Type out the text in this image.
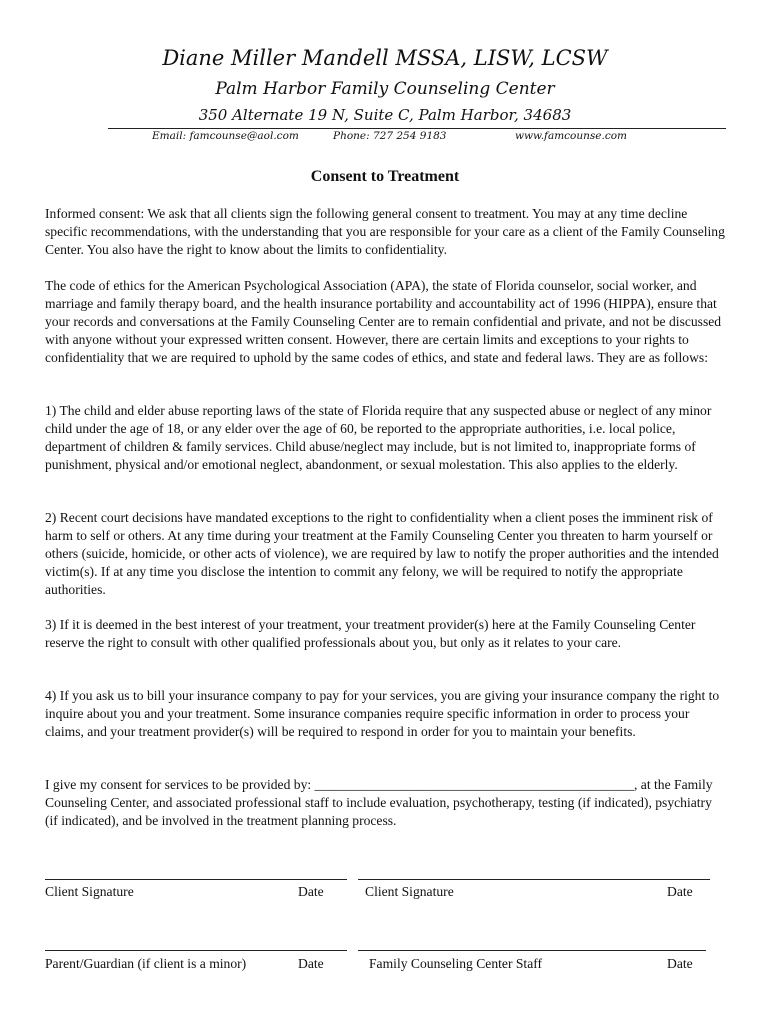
Diane Miller Mandell MSSA, LISW, LCSW
Palm Harbor Family Counseling Center
350 Alternate 19 N, Suite C, Palm Harbor, 34683
Email: famcounse@aol.com	Phone: 727 254 9183	www.famcounse.com
Consent to Treatment

Informed consent: We ask that all clients sign the following general consent to treatment. You may at any time decline specific recommendations, with the understanding that you are responsible for your care as a client of the Family Counseling Center. You also have the right to know about the limits to confidentiality.

The code of ethics for the American Psychological Association (APA), the state of Florida counselor, social worker, and marriage and family therapy board, and the health insurance portability and accountability act of 1996 (HIPPA), ensure that your records and conversations at the Family Counseling Center are to remain confidential and private, and not be discussed with anyone without your expressed written consent. However, there are certain limits and exceptions to your rights to confidentiality that we are required to uphold by the same codes of ethics, and state and federal laws. They are as follows:

1) The child and elder abuse reporting laws of the state of Florida require that any suspected abuse or neglect of any minor child under the age of 18, or any elder over the age of 60, be reported to the appropriate authorities, i.e. local police, department of children & family services. Child abuse/neglect may include, but is not limited to, inappropriate forms of punishment, physical and/or emotional neglect, abandonment, or sexual molestation. This also applies to the elderly.

2) Recent court decisions have mandated exceptions to the right to confidentiality when a client poses the imminent risk of harm to self or others. At any time during your treatment at the Family Counseling Center you threaten to harm yourself or others (suicide, homicide, or other acts of violence), we are required by law to notify the proper authorities and the intended victim(s). If at any time you disclose the intention to commit any felony, we will be required to notify the appropriate authorities.

3) If it is deemed in the best interest of your treatment, your treatment provider(s) here at the Family Counseling Center reserve the right to consult with other qualified professionals about you, but only as it relates to your care.

4) If you ask us to bill your insurance company to pay for your services, you are giving your insurance company the right to inquire about you and your treatment. Some insurance companies require specific information in order to process your claims, and your treatment provider(s) will be required to respond in order for you to maintain your benefits.

I give my consent for services to be provided by: _______________________________________________, at the Family Counseling Center, and associated professional staff to include evaluation, psychotherapy, testing (if indicated), psychiatry (if indicated), and be involved in the treatment planning process.

Client Signature	Date	Client Signature	Date
Parent/Guardian (if client is a minor)	Date	Family Counseling Center Staff	Date
